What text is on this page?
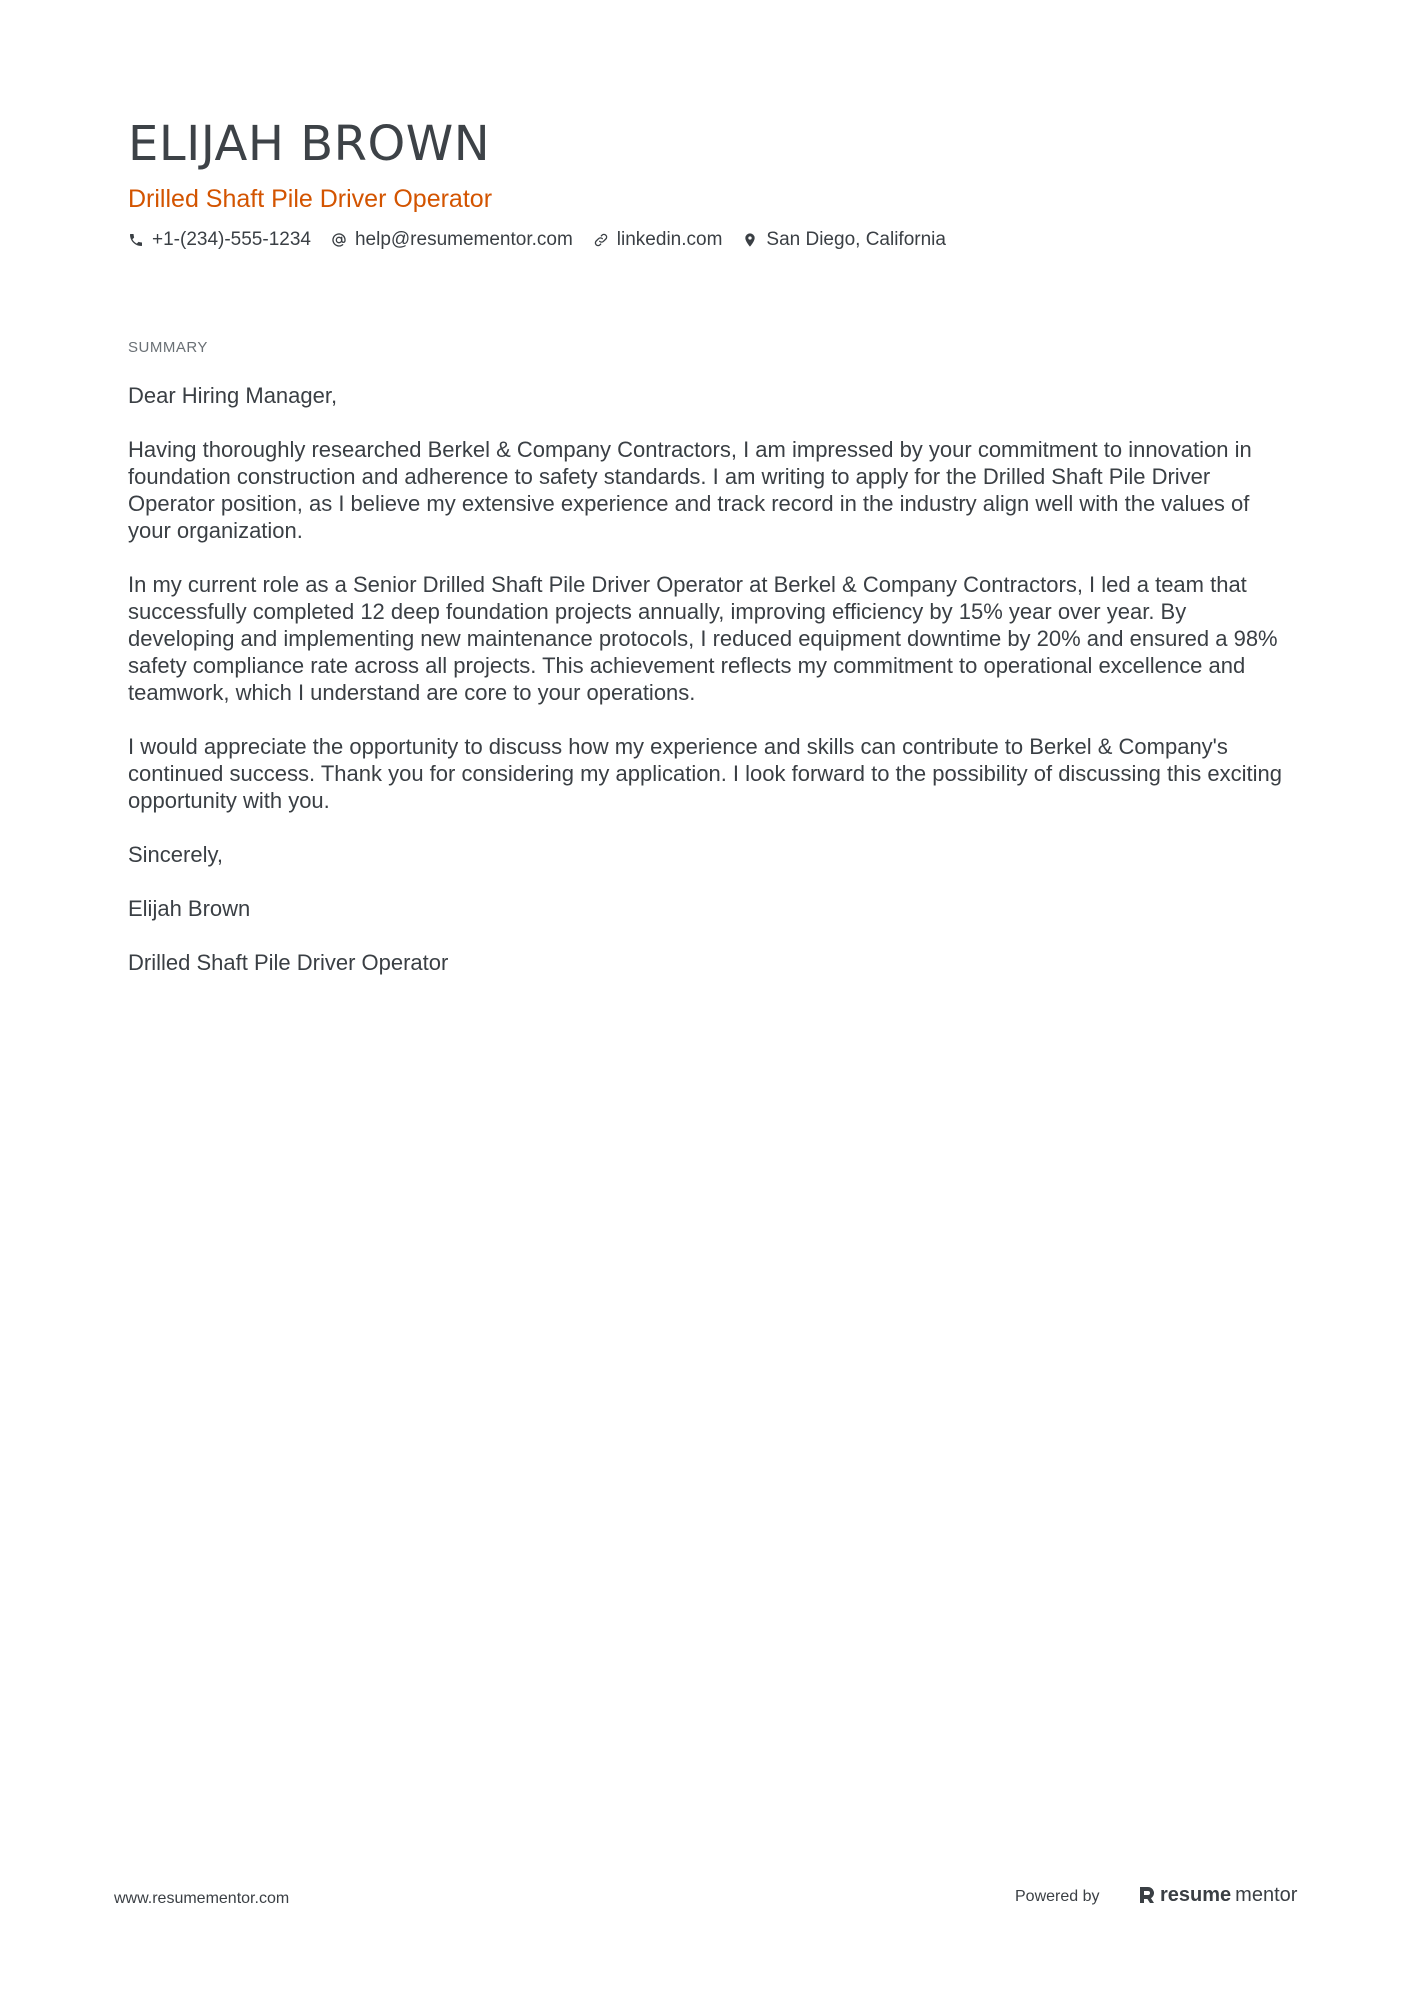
ELIJAH BROWN
Drilled Shaft Pile Driver Operator
+1-(234)-555-1234 help@resumementor.com linkedin.com San Diego, California
SUMMARY

Dear Hiring Manager,

Having thoroughly researched Berkel & Company Contractors, I am impressed by your commitment to innovation in foundation construction and adherence to safety standards. I am writing to apply for the Drilled Shaft Pile Driver Operator position, as I believe my extensive experience and track record in the industry align well with the values of your organization.

In my current role as a Senior Drilled Shaft Pile Driver Operator at Berkel & Company Contractors, I led a team that successfully completed 12 deep foundation projects annually, improving efficiency by 15% year over year. By developing and implementing new maintenance protocols, I reduced equipment downtime by 20% and ensured a 98% safety compliance rate across all projects. This achievement reflects my commitment to operational excellence and teamwork, which I understand are core to your operations.

I would appreciate the opportunity to discuss how my experience and skills can contribute to Berkel & Company's continued success. Thank you for considering my application. I look forward to the possibility of discussing this exciting opportunity with you.

Sincerely,

Elijah Brown

Drilled Shaft Pile Driver Operator

www.resumementor.com	Powered by	resume mentor
